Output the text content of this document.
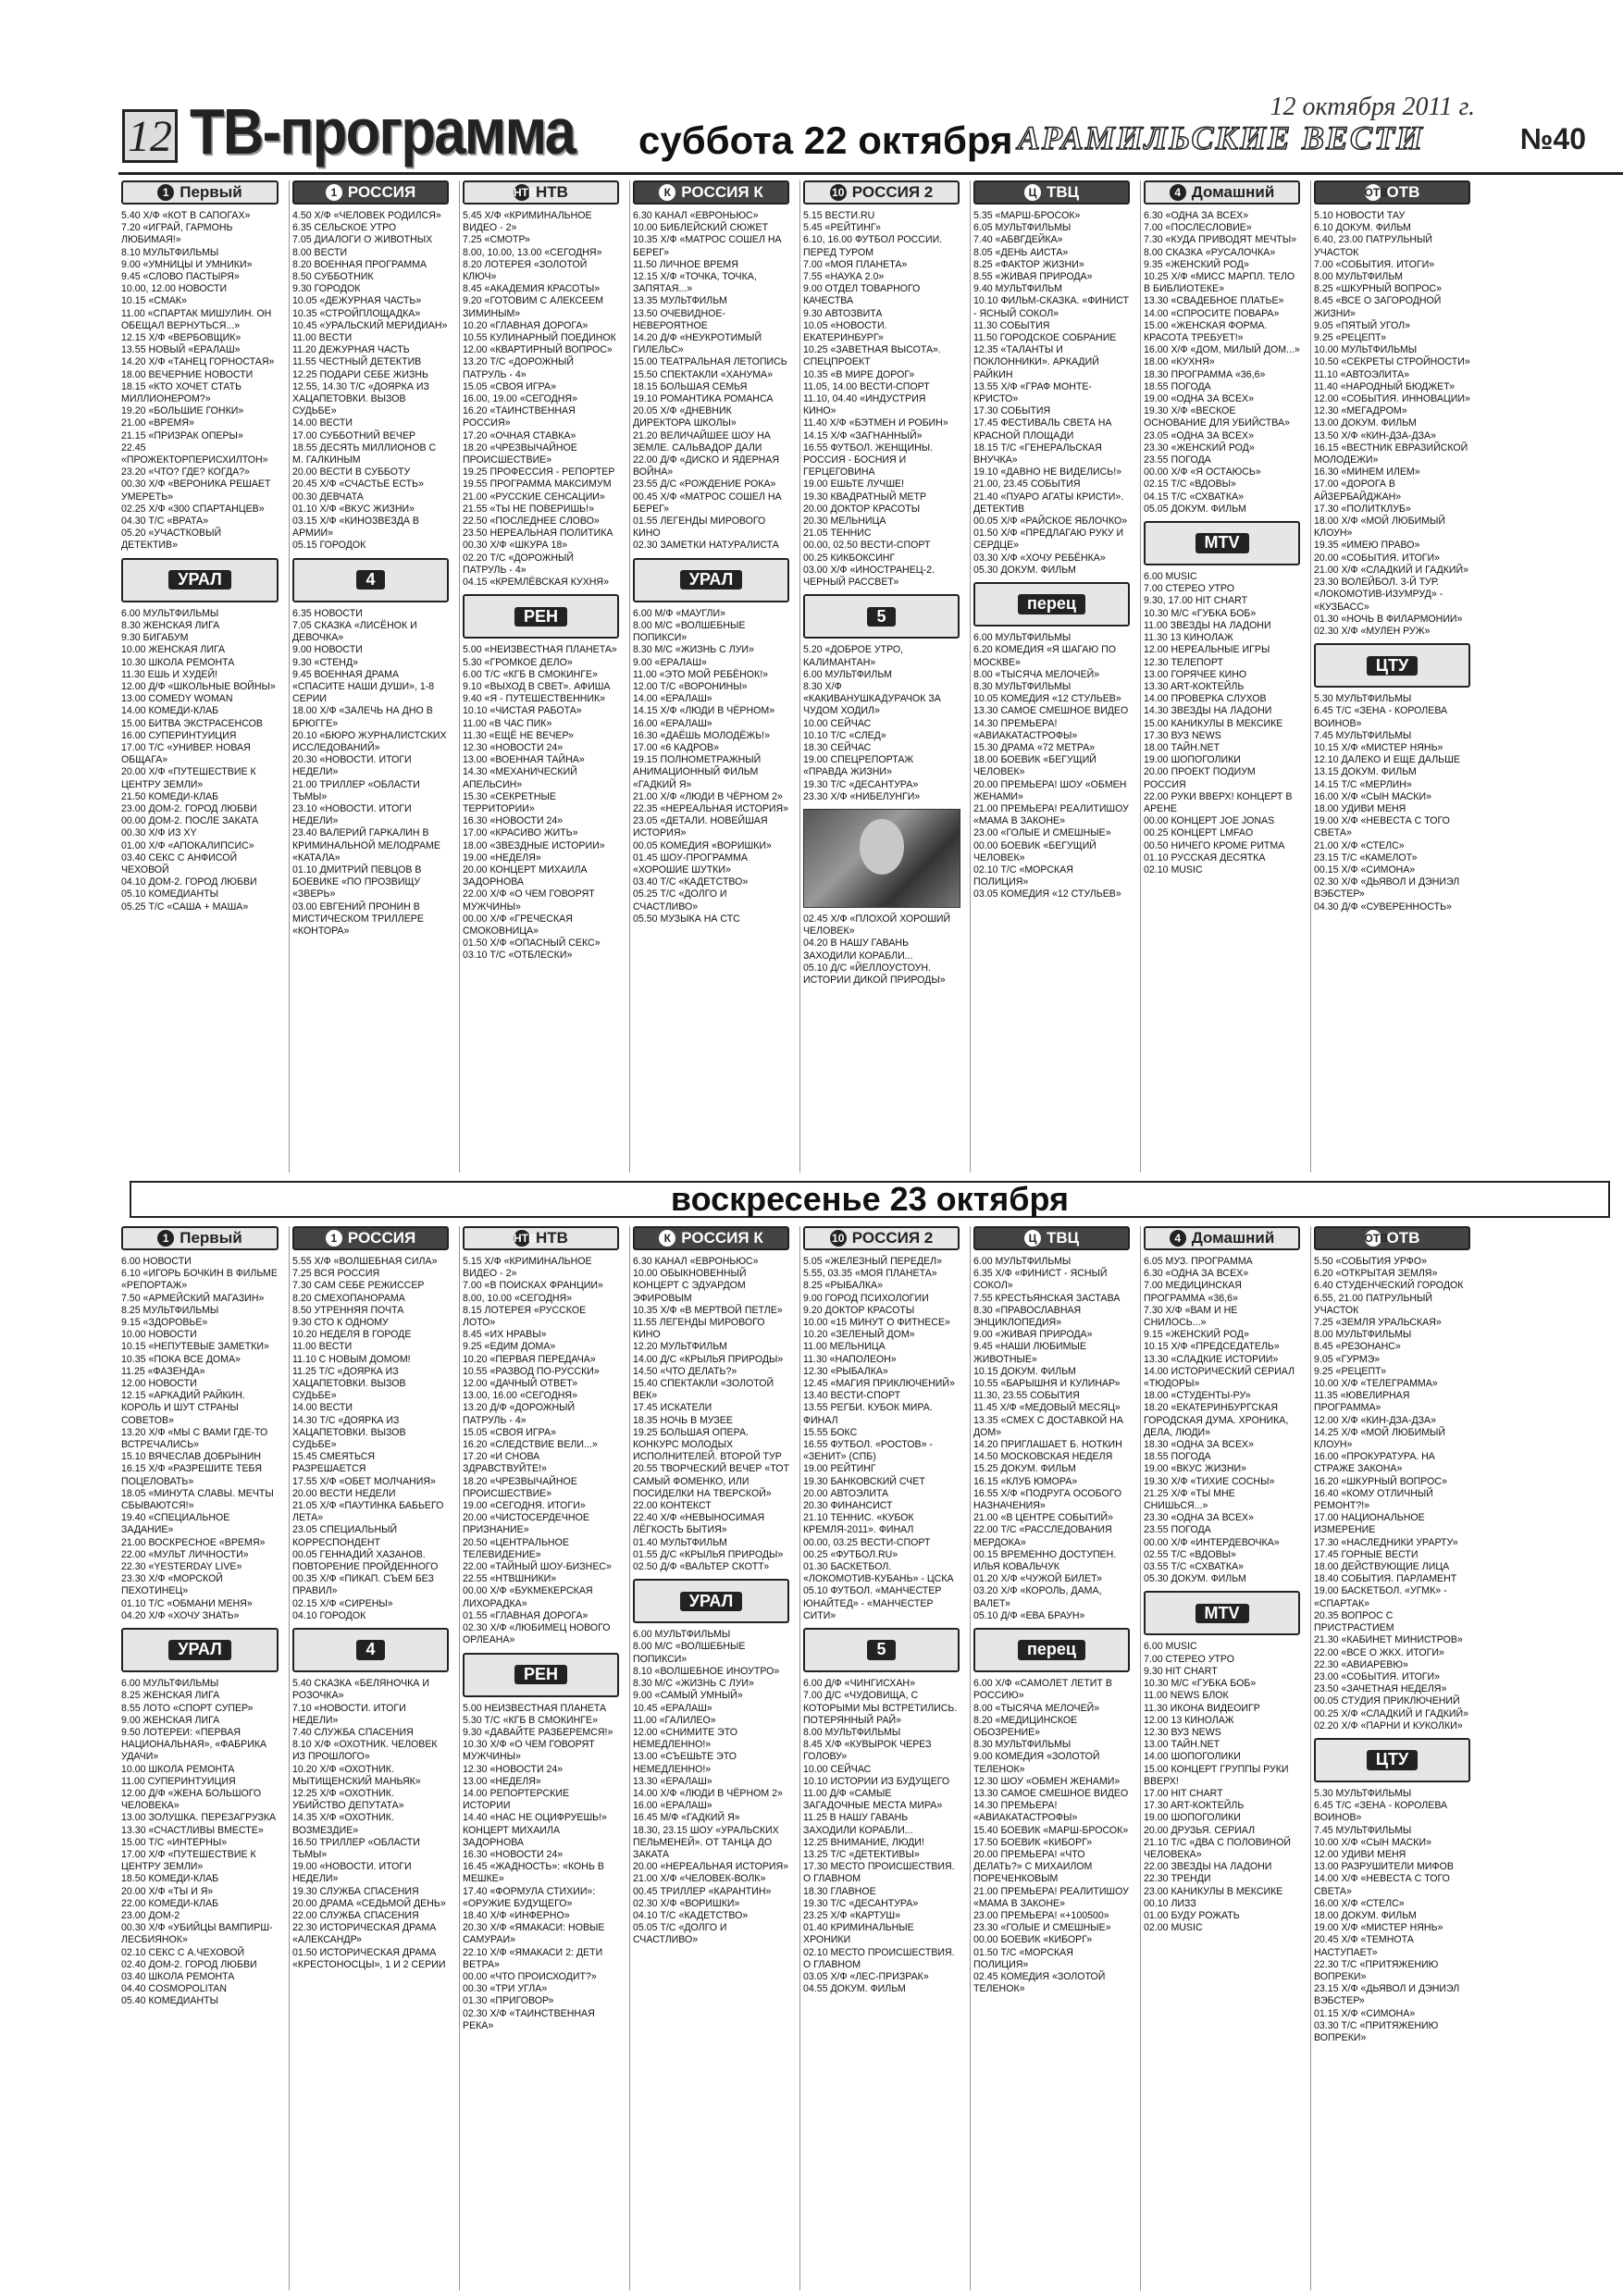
12 ТВ-программа суббота 22 октября
12 октября 2011 г.
АРАМИЛЬСКИЕ ВЕСТИ	№40
1 Первый
5.40 Х/Ф «КОТ В САПОГАХ»
7.20 «ИГРАЙ, ГАРМОНЬ ЛЮБИМАЯ!»
8.10 МУЛЬТФИЛЬМЫ
9.00 «УМНИЦЫ И УМНИКИ»
9.45 «СЛОВО ПАСТЫРЯ»
10.00, 12.00 НОВОСТИ
10.15 «СМАК»
11.00 «СПАРТАК МИШУЛИН. ОН ОБЕЩАЛ ВЕРНУТЬСЯ...»
12.15 Х/Ф «ВЕРБОВЩИК»
13.55 НОВЫЙ «ЕРАЛАШ»
14.20 Х/Ф «ТАНЕЦ ГОРНОСТАЯ»
18.00 ВЕЧЕРНИЕ НОВОСТИ
18.15 «КТО ХОЧЕТ СТАТЬ МИЛЛИОНЕРОМ?»
19.20 «БОЛЬШИЕ ГОНКИ»
21.00 «ВРЕМЯ»
21.15 «ПРИЗРАК ОПЕРЫ»
22.45 «ПРОЖЕКТОРПЕРИСХИЛТОН»
23.20 «ЧТО? ГДЕ? КОГДА?»
00.30 Х/Ф «ВЕРОНИКА РЕШАЕТ УМЕРЕТЬ»
02.25 Х/Ф «300 СПАРТАНЦЕВ»
04.30 Т/С «ВРАТА»
05.20 «УЧАСТКОВЫЙ ДЕТЕКТИВ»
УРАЛ
6.00 МУЛЬТФИЛЬМЫ
8.30 ЖЕНСКАЯ ЛИГА
9.30 БИГАБУМ
10.00 ЖЕНСКАЯ ЛИГА
10.30 ШКОЛА РЕМОНТА
11.30 ЕШЬ И ХУДЕЙ!
12.00 Д/Ф «ШКОЛЬНЫЕ ВОЙНЫ»
13.00 COMEDY WOMAN
14.00 КОМЕДИ-КЛАБ
15.00 БИТВА ЭКСТРАСЕНСОВ
16.00 СУПЕРИНТУИЦИЯ
17.00 Т/С «УНИВЕР. НОВАЯ ОБЩАГА»
20.00 Х/Ф «ПУТЕШЕСТВИЕ К ЦЕНТРУ ЗЕМЛИ»
21.50 КОМЕДИ-КЛАБ
23.00 ДОМ-2. ГОРОД ЛЮБВИ
00.00 ДОМ-2. ПОСЛЕ ЗАКАТА
00.30 Х/Ф ИЗ XY
01.00 Х/Ф «АПОКАЛИПСИС»
03.40 СЕКС С АНФИСОЙ ЧЕХОВОЙ
04.10 ДОМ-2. ГОРОД ЛЮБВИ
05.10 КОМЕДИАНТЫ
05.25 Т/С «САША + МАША»
1 РОССИЯ
4.50 Х/Ф «ЧЕЛОВЕК РОДИЛСЯ»
6.35 СЕЛЬСКОЕ УТРО
7.05 ДИАЛОГИ О ЖИВОТНЫХ
8.00 ВЕСТИ
8.20 ВОЕННАЯ ПРОГРАММА
8.50 СУББОТНИК
9.30 ГОРОДОК
10.05 «ДЕЖУРНАЯ ЧАСТЬ»
10.35 «СТРОЙПЛОЩАДКА»
10.45 «УРАЛЬСКИЙ МЕРИДИАН»
11.00 ВЕСТИ
11.20 ДЕЖУРНАЯ ЧАСТЬ
11.55 ЧЕСТНЫЙ ДЕТЕКТИВ
12.25 ПОДАРИ СЕБЕ ЖИЗНЬ
12.55, 14.30 Т/С «ДОЯРКА ИЗ ХАЦАПЕТОВКИ. ВЫЗОВ СУДЬБЕ»
14.00 ВЕСТИ
17.00 СУББОТНИЙ ВЕЧЕР
18.55 ДЕСЯТЬ МИЛЛИОНОВ С М. ГАЛКИНЫМ
20.00 ВЕСТИ В СУББОТУ
20.45 Х/Ф «СЧАСТЬЕ ЕСТЬ»
00.30 ДЕВЧАТА
01.10 Х/Ф «ВКУС ЖИЗНИ»
03.15 Х/Ф «КИНОЗВЕЗДА В АРМИИ»
05.15 ГОРОДОК
4
6.35 НОВОСТИ
7.05 СКАЗКА «ЛИСЁНОК И ДЕВОЧКА»
9.00 НОВОСТИ
9.30 «СТЕНД»
9.45 ВОЕННАЯ ДРАМА «СПАСИТЕ НАШИ ДУШИ», 1-8 СЕРИИ
18.00 Х/Ф «ЗАЛЕЧЬ НА ДНО В БРЮГГЕ»
20.10 «БЮРО ЖУРНАЛИСТСКИХ ИССЛЕДОВАНИЙ»
20.30 «НОВОСТИ. ИТОГИ НЕДЕЛИ»
21.00 ТРИЛЛЕР «ОБЛАСТИ ТЬМЫ»
23.10 «НОВОСТИ. ИТОГИ НЕДЕЛИ»
23.40 ВАЛЕРИЙ ГАРКАЛИН В КРИМИНАЛЬНОЙ МЕЛОДРАМЕ «КАТАЛА»
01.10 ДМИТРИЙ ПЕВЦОВ В БОЕВИКЕ «ПО ПРОЗВИЩУ «ЗВЕРЬ»
03.00 ЕВГЕНИЙ ПРОНИН В МИСТИЧЕСКОМ ТРИЛЛЕРЕ «КОНТОРА»
НТВ НТВ
5.45 Х/Ф «КРИМИНАЛЬНОЕ ВИДЕО - 2»
7.25 «СМОТР»
8.00, 10.00, 13.00 «СЕГОДНЯ»
8.20 ЛОТЕРЕЯ «ЗОЛОТОЙ КЛЮЧ»
8.45 «АКАДЕМИЯ КРАСОТЫ»
9.20 «ГОТОВИМ С АЛЕКСЕЕМ ЗИМИНЫМ»
10.20 «ГЛАВНАЯ ДОРОГА»
10.55 КУЛИНАРНЫЙ ПОЕДИНОК
12.00 «КВАРТИРНЫЙ ВОПРОС»
13.20 Т/С «ДОРОЖНЫЙ ПАТРУЛЬ - 4»
15.05 «СВОЯ ИГРА»
16.00, 19.00 «СЕГОДНЯ»
16.20 «ТАИНСТВЕННАЯ РОССИЯ»
17.20 «ОЧНАЯ СТАВКА»
18.20 «ЧРЕЗВЫЧАЙНОЕ ПРОИСШЕСТВИЕ»
19.25 ПРОФЕССИЯ - РЕПОРТЕР
19.55 ПРОГРАММА МАКСИМУМ
21.00 «РУССКИЕ СЕНСАЦИИ»
21.55 «ТЫ НЕ ПОВЕРИШЬ!»
22.50 «ПОСЛЕДНЕЕ СЛОВО»
23.50 НЕРЕАЛЬНАЯ ПОЛИТИКА
00.30 Х/Ф «ШКУРА 18»
02.20 Т/С «ДОРОЖНЫЙ ПАТРУЛЬ - 4»
04.15 «КРЕМЛЁВСКАЯ КУХНЯ»
РЕН
5.00 «НЕИЗВЕСТНАЯ ПЛАНЕТА»
5.30 «ГРОМКОЕ ДЕЛО»
6.00 Т/С «КГБ В СМОКИНГЕ»
9.10 «ВЫХОД В СВЕТ». АФИША
9.40 «Я - ПУТЕШЕСТВЕННИК»
10.10 «ЧИСТАЯ РАБОТА»
11.00 «В ЧАС ПИК»
11.30 «ЕЩЁ НЕ ВЕЧЕР»
12.30 «НОВОСТИ 24»
13.00 «ВОЕННАЯ ТАЙНА»
14.30 «МЕХАНИЧЕСКИЙ АПЕЛЬСИН»
15.30 «СЕКРЕТНЫЕ ТЕРРИТОРИИ»
16.30 «НОВОСТИ 24»
17.00 «КРАСИВО ЖИТЬ»
18.00 «ЗВЕЗДНЫЕ ИСТОРИИ»
19.00 «НЕДЕЛЯ»
20.00 КОНЦЕРТ МИХАИЛА ЗАДОРНОВА
22.00 Х/Ф «О ЧЕМ ГОВОРЯТ МУЖЧИНЫ»
00.00 Х/Ф «ГРЕЧЕСКАЯ СМОКОВНИЦА»
01.50 Х/Ф «ОПАСНЫЙ СЕКС»
03.10 Т/С «ОТБЛЕСКИ»
К РОССИЯ К
6.30 КАНАЛ «ЕВРОНЬЮС»
10.00 БИБЛЕЙСКИЙ СЮЖЕТ
10.35 Х/Ф «МАТРОС СОШЕЛ НА БЕРЕГ»
11.50 ЛИЧНОЕ ВРЕМЯ
12.15 Х/Ф «ТОЧКА, ТОЧКА, ЗАПЯТАЯ...»
13.35 МУЛЬТФИЛЬМ
13.50 ОЧЕВИДНОЕ-НЕВЕРОЯТНОЕ
14.20 Д/Ф «НЕУКРОТИМЫЙ ГИЛЕЛЬС»
15.00 ТЕАТРАЛЬНАЯ ЛЕТОПИСЬ
15.50 СПЕКТАКЛИ «ХАНУМА»
18.15 БОЛЬШАЯ СЕМЬЯ
19.10 РОМАНТИКА РОМАНСА
20.05 Х/Ф «ДНЕВНИК ДИРЕКТОРА ШКОЛЫ»
21.20 ВЕЛИЧАЙШЕЕ ШОУ НА ЗЕМЛЕ. САЛЬВАДОР ДАЛИ
22.00 Д/Ф «ДИСКО И ЯДЕРНАЯ ВОЙНА»
23.55 Д/С «РОЖДЕНИЕ РОКА»
00.45 Х/Ф «МАТРОС СОШЕЛ НА БЕРЕГ»
01.55 ЛЕГЕНДЫ МИРОВОГО КИНО
02.30 ЗАМЕТКИ НАТУРАЛИСТА
УРАЛ
6.00 М/Ф «МАУГЛИ»
8.00 М/С «ВОЛШЕБНЫЕ ПОПИКСИ»
8.30 М/С «ЖИЗНЬ С ЛУИ»
9.00 «ЕРАЛАШ»
11.00 «ЭТО МОЙ РЕБЁНОК!»
12.00 Т/С «ВОРОНИНЫ»
14.00 «ЕРАЛАШ»
14.15 Х/Ф «ЛЮДИ В ЧЁРНОМ»
16.00 «ЕРАЛАШ»
16.30 «ДАЁШЬ МОЛОДЁЖЬ!»
17.00 «6 КАДРОВ»
19.15 ПОЛНОМЕТРАЖНЫЙ АНИМАЦИОННЫЙ ФИЛЬМ «ГАДКИЙ Я»
21.00 Х/Ф «ЛЮДИ В ЧЁРНОМ 2»
22.35 «НЕРЕАЛЬНАЯ ИСТОРИЯ»
23.05 «ДЕТАЛИ. НОВЕЙШАЯ ИСТОРИЯ»
00.05 КОМЕДИЯ «ВОРИШКИ»
01.45 ШОУ-ПРОГРАММА «ХОРОШИЕ ШУТКИ»
03.40 Т/С «КАДЕТСТВО»
05.25 Т/С «ДОЛГО И СЧАСТЛИВО»
05.50 МУЗЫКА НА СТС
10 РОССИЯ 2
5.15 ВЕСТИ.RU
5.45 «РЕЙТИНГ»
6.10, 16.00 ФУТБОЛ РОССИИ. ПЕРЕД ТУРОМ
7.00 «МОЯ ПЛАНЕТА»
7.55 «НАУКА 2.0»
9.00 ОТДЕЛ ТОВАРНОГО КАЧЕСТВА
9.30 АВТОЗВИТА
10.05 «НОВОСТИ. ЕКАТЕРИНБУРГ»
10.25 «ЗАВЕТНАЯ ВЫСОТА». СПЕЦПРОЕКТ
10.35 «В МИРЕ ДОРОГ»
11.05, 14.00 ВЕСТИ-СПОРТ
11.10, 04.40 «ИНДУСТРИЯ КИНО»
11.40 Х/Ф «БЭТМЕН И РОБИН»
14.15 Х/Ф «ЗАГНАННЫЙ»
16.55 ФУТБОЛ. ЖЕНЩИНЫ. РОССИЯ - БОСНИЯ И ГЕРЦЕГОВИНА
19.00 ЕШЬТЕ ЛУЧШЕ!
19.30 КВАДРАТНЫЙ МЕТР
20.00 ДОКТОР КРАСОТЫ
20.30 МЕЛЬНИЦА
21.05 ТЕННИС
00.00, 02.50 ВЕСТИ-СПОРТ
00.25 КИКБОКСИНГ
03.00 Х/Ф «ИНОСТРАНЕЦ-2. ЧЕРНЫЙ РАССВЕТ»
5
5.20 «ДОБРОЕ УТРО, КАЛИМАНТАН»
6.00 МУЛЬТФИЛЬМ
8.30 Х/Ф «КАКИВАНУШКАДУРАЧОК ЗА ЧУДОМ ХОДИЛ»
10.00 СЕЙЧАС
10.10 Т/С «СЛЕД»
18.30 СЕЙЧАС
19.00 СПЕЦРЕПОРТАЖ «ПРАВДА ЖИЗНИ»
19.30 Т/С «ДЕСАНТУРА»
23.30 Х/Ф «НИБЕЛУНГИ»
02.45 Х/Ф «ПЛОХОЙ ХОРОШИЙ ЧЕЛОВЕК»
04.20 В НАШУ ГАВАНЬ ЗАХОДИЛИ КОРАБЛИ...
05.10 Д/С «ЙЕЛЛОУСТОУН. ИСТОРИИ ДИКОЙ ПРИРОДЫ»
Ц ТВЦ
5.35 «МАРШ-БРОСОК»
6.05 МУЛЬТФИЛЬМЫ
7.40 «АБВГДЕЙКА»
8.05 «ДЕНЬ АИСТА»
8.25 «ФАКТОР ЖИЗНИ»
8.55 «ЖИВАЯ ПРИРОДА»
9.40 МУЛЬТФИЛЬМ
10.10 ФИЛЬМ-СКАЗКА. «ФИНИСТ - ЯСНЫЙ СОКОЛ»
11.30 СОБЫТИЯ
11.50 ГОРОДСКОЕ СОБРАНИЕ
12.35 «ТАЛАНТЫ И ПОКЛОННИКИ». АРКАДИЙ РАЙКИН
13.55 Х/Ф «ГРАФ МОНТЕ-КРИСТО»
17.30 СОБЫТИЯ
17.45 ФЕСТИВАЛЬ СВЕТА НА КРАСНОЙ ПЛОЩАДИ
18.15 Т/С «ГЕНЕРАЛЬСКАЯ ВНУЧКА»
19.10 «ДАВНО НЕ ВИДЕЛИСЬ!»
21.00, 23.45 СОБЫТИЯ
21.40 «ПУАРО АГАТЫ КРИСТИ». ДЕТЕКТИВ
00.05 Х/Ф «РАЙСКОЕ ЯБЛОЧКО»
01.50 Х/Ф «ПРЕДЛАГАЮ РУКУ И СЕРДЦЕ»
03.30 Х/Ф «ХОЧУ РЕБЁНКА»
05.30 ДОКУМ. ФИЛЬМ
перец
6.00 МУЛЬТФИЛЬМЫ
6.20 КОМЕДИЯ «Я ШАГАЮ ПО МОСКВЕ»
8.00 «ТЫСЯЧА МЕЛОЧЕЙ»
8.30 МУЛЬТФИЛЬМЫ
10.05 КОМЕДИЯ «12 СТУЛЬЕВ»
13.30 САМОЕ СМЕШНОЕ ВИДЕО
14.30 ПРЕМЬЕРА! «АВИАКАТАСТРОФЫ»
15.30 ДРАМА «72 МЕТРА»
18.00 БОЕВИК «БЕГУЩИЙ ЧЕЛОВЕК»
20.00 ПРЕМЬЕРА! ШОУ «ОБМЕН ЖЕНАМИ»
21.00 ПРЕМЬЕРА! РЕАЛИТИШОУ «МАМА В ЗАКОНЕ»
23.00 «ГОЛЫЕ И СМЕШНЫЕ»
00.00 БОЕВИК «БЕГУЩИЙ ЧЕЛОВЕК»
02.10 Т/С «МОРСКАЯ ПОЛИЦИЯ»
03.05 КОМЕДИЯ «12 СТУЛЬЕВ»
4 Домашний
6.30 «ОДНА ЗА ВСЕХ»
7.00 «ПОСЛЕСЛОВИЕ»
7.30 «КУДА ПРИВОДЯТ МЕЧТЫ»
8.00 СКАЗКА «РУСАЛОЧКА»
9.35 «ЖЕНСКИЙ РОД»
10.25 Х/Ф «МИСС МАРПЛ. ТЕЛО В БИБЛИОТЕКЕ»
13.30 «СВАДЕБНОЕ ПЛАТЬЕ»
14.00 «СПРОСИТЕ ПОВАРА»
15.00 «ЖЕНСКАЯ ФОРМА. КРАСОТА ТРЕБУЕТ!»
16.00 Х/Ф «ДОМ, МИЛЫЙ ДОМ...»
18.00 «КУХНЯ»
18.30 ПРОГРАММА «36,6»
18.55 ПОГОДА
19.00 «ОДНА ЗА ВСЕХ»
19.30 Х/Ф «ВЕСКОЕ ОСНОВАНИЕ ДЛЯ УБИЙСТВА»
23.05 «ОДНА ЗА ВСЕХ»
23.30 «ЖЕНСКИЙ РОД»
23.55 ПОГОДА
00.00 Х/Ф «Я ОСТАЮСЬ»
02.15 Т/С «ВДОВЫ»
04.15 Т/С «СХВАТКА»
05.05 ДОКУМ. ФИЛЬМ
MTV
6.00 MUSIC
7.00 СТЕРЕО УТРО
9.30, 17.00 HIT CHART
10.30 М/С «ГУБКА БОБ»
11.00 ЗВЕЗДЫ НА ЛАДОНИ
11.30 13 КИНОЛАЖ
12.00 НЕРЕАЛЬНЫЕ ИГРЫ
12.30 ТЕЛЕПОРТ
13.00 ГОРЯЧЕЕ КИНО
13.30 ART-КОКТЕЙЛЬ
14.00 ПРОВЕРКА СЛУХОВ
14.30 ЗВЕЗДЫ НА ЛАДОНИ
15.00 КАНИКУЛЫ В МЕКСИКЕ
17.30 ВУЗ NEWS
18.00 ТАЙН.NET
19.00 ШОПОГОЛИКИ
20.00 ПРОЕКТ ПОДИУМ РОССИЯ
22.00 РУКИ ВВЕРХ! КОНЦЕРТ В АРЕНЕ
00.00 КОНЦЕРТ JOE JONAS
00.25 КОНЦЕРТ LMFAO
00.50 НИЧЕГО КРОМЕ РИТМА
01.10 РУССКАЯ ДЕСЯТКА
02.10 MUSIC
ОТВ
ОТВ
5.10 НОВОСТИ ТАУ
6.10 ДОКУМ. ФИЛЬМ
6.40, 23.00 ПАТРУЛЬНЫЙ УЧАСТОК
7.00 «СОБЫТИЯ. ИТОГИ»
8.00 МУЛЬТФИЛЬМ
8.25 «ШКУРНЫЙ ВОПРОС»
8.45 «ВСЕ О ЗАГОРОДНОЙ ЖИЗНИ»
9.05 «ПЯТЫЙ УГОЛ»
9.25 «РЕЦЕПТ»
10.00 МУЛЬТФИЛЬМЫ
10.50 «СЕКРЕТЫ СТРОЙНОСТИ»
11.10 «АВТОЭЛИТА»
11.40 «НАРОДНЫЙ БЮДЖЕТ»
12.00 «СОБЫТИЯ. ИННОВАЦИИ»
12.30 «МЕГАДРОМ»
13.00 ДОКУМ. ФИЛЬМ
13.50 Х/Ф «КИН-ДЗА-ДЗА»
16.15 «ВЕСТНИК ЕВРАЗИЙСКОЙ МОЛОДЕЖИ»
16.30 «МИНЕМ ИЛЕМ»
17.00 «ДОРОГА В АЙЗЕРБАЙДЖАН»
17.30 «ПОЛИТКЛУБ»
18.00 Х/Ф «МОЙ ЛЮБИМЫЙ КЛОУН»
19.35 «ИМЕЮ ПРАВО»
20.00 «СОБЫТИЯ. ИТОГИ»
21.00 Х/Ф «СЛАДКИЙ И ГАДКИЙ»
23.30 ВОЛЕЙБОЛ. 3-Й ТУР. «ЛОКОМОТИВ-ИЗУМРУД» - «КУЗБАСС»
01.30 «НОЧЬ В ФИЛАРМОНИИ»
02.30 Х/Ф «МУЛЕН РУЖ»
ЦТУ
5.30 МУЛЬТФИЛЬМЫ
6.45 Т/С «ЗЕНА - КОРОЛЕВА ВОИНОВ»
7.45 МУЛЬТФИЛЬМЫ
10.15 Х/Ф «МИСТЕР НЯНЬ»
12.10 ДАЛЕКО И ЕЩЕ ДАЛЬШЕ
13.15 ДОКУМ. ФИЛЬМ
14.15 Т/С «МЕРЛИН»
16.00 Х/Ф «СЫН МАСКИ»
18.00 УДИВИ МЕНЯ
19.00 Х/Ф «НЕВЕСТА С ТОГО СВЕТА»
21.00 Х/Ф «СТЕЛС»
23.15 Т/С «КАМЕЛОТ»
00.15 Х/Ф «СИМОНА»
02.30 Х/Ф «ДЬЯВОЛ И ДЭНИЭЛ ВЭБСТЕР»
04.30 Д/Ф «СУВЕРЕННОСТЬ»
воскресенье 23 октября
1 Первый
6.00 НОВОСТИ
6.10 «ИГОРЬ БОЧКИН В ФИЛЬМЕ «РЕПОРТАЖ»
7.50 «АРМЕЙСКИЙ МАГАЗИН»
8.25 МУЛЬТФИЛЬМЫ
9.15 «ЗДОРОВЬЕ»
10.00 НОВОСТИ
10.15 «НЕПУТЕВЫЕ ЗАМЕТКИ»
10.35 «ПОКА ВСЕ ДОМА»
11.25 «ФАЗЕНДА»
12.00 НОВОСТИ
12.15 «АРКАДИЙ РАЙКИН. КОРОЛЬ И ШУТ СТРАНЫ СОВЕТОВ»
13.20 Х/Ф «МЫ С ВАМИ ГДЕ-ТО ВСТРЕЧАЛИСЬ»
15.10 ВЯЧЕСЛАВ ДОБРЫНИН
16.15 Х/Ф «РАЗРЕШИТЕ ТЕБЯ ПОЦЕЛОВАТЬ»
18.05 «МИНУТА СЛАВЫ. МЕЧТЫ СБЫВАЮТСЯ!»
19.40 «СПЕЦИАЛЬНОЕ ЗАДАНИЕ»
21.00 ВОСКРЕСНОЕ «ВРЕМЯ»
22.00 «МУЛЬТ ЛИЧНОСТИ»
22.30 «YESTERDAY LIVE»
23.30 Х/Ф «МОРСКОЙ ПЕХОТИНЕЦ»
01.10 Т/С «ОБМАНИ МЕНЯ»
04.20 Х/Ф «ХОЧУ ЗНАТЬ»
УРАЛ
6.00 МУЛЬТФИЛЬМЫ
8.25 ЖЕНСКАЯ ЛИГА
8.55 ЛОТО «СПОРТ СУПЕР»
9.00 ЖЕНСКАЯ ЛИГА
9.50 ЛОТЕРЕИ: «ПЕРВАЯ НАЦИОНАЛЬНАЯ», «ФАБРИКА УДАЧИ»
10.00 ШКОЛА РЕМОНТА
11.00 СУПЕРИНТУИЦИЯ
12.00 Д/Ф «ЖЕНА БОЛЬШОГО ЧЕЛОВЕКА»
13.00 ЗОЛУШКА. ПЕРЕЗАГРУЗКА
13.30 «СЧАСТЛИВЫ ВМЕСТЕ»
15.00 Т/С «ИНТЕРНЫ»
17.00 Х/Ф «ПУТЕШЕСТВИЕ К ЦЕНТРУ ЗЕМЛИ»
18.50 КОМЕДИ-КЛАБ
20.00 Х/Ф «ТЫ И Я»
22.00 КОМЕДИ-КЛАБ
23.00 ДОМ-2
00.30 Х/Ф «УБИЙЦЫ ВАМПИРШ-ЛЕСБИЯНОК»
02.10 СЕКС С А.ЧЕХОВОЙ
02.40 ДОМ-2. ГОРОД ЛЮБВИ
03.40 ШКОЛА РЕМОНТА
04.40 COSMOPOLITAN
05.40 КОМЕДИАНТЫ
1 РОССИЯ
5.55 Х/Ф «ВОЛШЕБНАЯ СИЛА»
7.25 ВСЯ РОССИЯ
7.30 САМ СЕБЕ РЕЖИССЕР
8.20 СМЕХОПАНОРАМА
8.50 УТРЕННЯЯ ПОЧТА
9.30 СТО К ОДНОМУ
10.20 НЕДЕЛЯ В ГОРОДЕ
11.00 ВЕСТИ
11.10 С НОВЫМ ДОМОМ!
11.25 Т/С «ДОЯРКА ИЗ ХАЦАПЕТОВКИ. ВЫЗОВ СУДЬБЕ»
14.00 ВЕСТИ
14.30 Т/С «ДОЯРКА ИЗ ХАЦАПЕТОВКИ. ВЫЗОВ СУДЬБЕ»
15.45 СМЕЯТЬСЯ РАЗРЕШАЕТСЯ
17.55 Х/Ф «ОБЕТ МОЛЧАНИЯ»
20.00 ВЕСТИ НЕДЕЛИ
21.05 Х/Ф «ПАУТИНКА БАБЬЕГО ЛЕТА»
23.05 СПЕЦИАЛЬНЫЙ КОРРЕСПОНДЕНТ
00.05 ГЕННАДИЙ ХАЗАНОВ. ПОВТОРЕНИЕ ПРОЙДЕННОГО
00.35 Х/Ф «ПИКАП. СЪЕМ БЕЗ ПРАВИЛ»
02.15 Х/Ф «СИРЕНЫ»
04.10 ГОРОДОК
4
5.40 СКАЗКА «БЕЛЯНОЧКА И РОЗОЧКА»
7.10 «НОВОСТИ. ИТОГИ НЕДЕЛИ»
7.40 СЛУЖБА СПАСЕНИЯ
8.10 Х/Ф «ОХОТНИК. ЧЕЛОВЕК ИЗ ПРОШЛОГО»
10.20 Х/Ф «ОХОТНИК. МЫТИЩЕНСКИЙ МАНЬЯК»
12.25 Х/Ф «ОХОТНИК. УБИЙСТВО ДЕПУТАТА»
14.35 Х/Ф «ОХОТНИК. ВОЗМЕЗДИЕ»
16.50 ТРИЛЛЕР «ОБЛАСТИ ТЬМЫ»
19.00 «НОВОСТИ. ИТОГИ НЕДЕЛИ»
19.30 СЛУЖБА СПАСЕНИЯ
20.00 ДРАМА «СЕДЬМОЙ ДЕНЬ»
22.00 СЛУЖБА СПАСЕНИЯ
22.30 ИСТОРИЧЕСКАЯ ДРАМА «АЛЕКСАНДР»
01.50 ИСТОРИЧЕСКАЯ ДРАМА «КРЕСТОНОСЦЫ», 1 И 2 СЕРИИ
НТВ НТВ
5.15 Х/Ф «КРИМИНАЛЬНОЕ ВИДЕО - 2»
7.00 «В ПОИСКАХ ФРАНЦИИ»
8.00, 10.00 «СЕГОДНЯ»
8.15 ЛОТЕРЕЯ «РУССКОЕ ЛОТО»
8.45 «ИХ НРАВЫ»
9.25 «ЕДИМ ДОМА»
10.20 «ПЕРВАЯ ПЕРЕДАЧА»
10.55 «РАЗВОД ПО-РУССКИ»
12.00 «ДАЧНЫЙ ОТВЕТ»
13.00, 16.00 «СЕГОДНЯ»
13.20 Д/Ф «ДОРОЖНЫЙ ПАТРУЛЬ - 4»
15.05 «СВОЯ ИГРА»
16.20 «СЛЕДСТВИЕ ВЕЛИ...»
17.20 «И СНОВА ЗДРАВСТВУЙТЕ!»
18.20 «ЧРЕЗВЫЧАЙНОЕ ПРОИСШЕСТВИЕ»
19.00 «СЕГОДНЯ. ИТОГИ»
20.00 «ЧИСТОСЕРДЕЧНОЕ ПРИЗНАНИЕ»
20.50 «ЦЕНТРАЛЬНОЕ ТЕЛЕВИДЕНИЕ»
22.00 «ТАЙНЫЙ ШОУ-БИЗНЕС»
22.55 «НТВШНИКИ»
00.00 Х/Ф «БУКМЕКЕРСКАЯ ЛИХОРАДКА»
01.55 «ГЛАВНАЯ ДОРОГА»
02.30 Х/Ф «ЛЮБИМЕЦ НОВОГО ОРЛЕАНА»
РЕН
5.00 НЕИЗВЕСТНАЯ ПЛАНЕТА
5.30 Т/С «КГБ В СМОКИНГЕ»
9.30 «ДАВАЙТЕ РАЗБЕРЕМСЯ!»
10.30 Х/Ф «О ЧЕМ ГОВОРЯТ МУЖЧИНЫ»
12.30 «НОВОСТИ 24»
13.00 «НЕДЕЛЯ»
14.00 РЕПОРТЕРСКИЕ ИСТОРИИ
14.40 «НАС НЕ ОЦИФРУЕШЬ!» КОНЦЕРТ МИХАИЛА ЗАДОРНОВА
16.30 «НОВОСТИ 24»
16.45 «ЖАДНОСТЬ»: «КОНЬ В МЕШКЕ»
17.40 «ФОРМУЛА СТИХИИ»: «ОРУЖИЕ БУДУЩЕГО»
18.40 Х/Ф «ИНФЕРНО»
20.30 Х/Ф «ЯМАКАСИ: НОВЫЕ САМУРАИ»
22.10 Х/Ф «ЯМАКАСИ 2: ДЕТИ ВЕТРА»
00.00 «ЧТО ПРОИСХОДИТ?»
00.30 «ТРИ УГЛА»
01.30 «ПРИГОВОР»
02.30 Х/Ф «ТАИНСТВЕННАЯ РЕКА»
К РОССИЯ К
6.30 КАНАЛ «ЕВРОНЬЮС»
10.00 ОБЫКНОВЕННЫЙ КОНЦЕРТ С ЭДУАРДОМ ЭФИРОВЫМ
10.35 Х/Ф «В МЕРТВОЙ ПЕТЛЕ»
11.55 ЛЕГЕНДЫ МИРОВОГО КИНО
12.20 МУЛЬТФИЛЬМ
14.00 Д/С «КРЫЛЬЯ ПРИРОДЫ»
14.50 «ЧТО ДЕЛАТЬ?»
15.40 СПЕКТАКЛИ «ЗОЛОТОЙ ВЕК»
17.45 ИСКАТЕЛИ
18.35 НОЧЬ В МУЗЕЕ
19.25 БОЛЬШАЯ ОПЕРА. КОНКУРС МОЛОДЫХ ИСПОЛНИТЕЛЕЙ. ВТОРОЙ ТУР
20.55 ТВОРЧЕСКИЙ ВЕЧЕР «ТОТ САМЫЙ ФОМЕНКО, ИЛИ ПОСИДЕЛКИ НА ТВЕРСКОЙ»
22.00 КОНТЕКСТ
22.40 Х/Ф «НЕВЫНОСИМАЯ ЛЁГКОСТЬ БЫТИЯ»
01.40 МУЛЬТФИЛЬМ
01.55 Д/С «КРЫЛЬЯ ПРИРОДЫ»
02.50 Д/Ф «ВАЛЬТЕР СКОТТ»
УРАЛ
6.00 МУЛЬТФИЛЬМЫ
8.00 М/С «ВОЛШЕБНЫЕ ПОПИКСИ»
8.10 «ВОЛШЕБНОЕ ИНОУТРО»
8.30 М/С «ЖИЗНЬ С ЛУИ»
9.00 «САМЫЙ УМНЫЙ»
10.45 «ЕРАЛАШ»
11.00 «ГАЛИЛЕО»
12.00 «СНИМИТЕ ЭТО НЕМЕДЛЕННО!»
13.00 «СЪЕШЬТЕ ЭТО НЕМЕДЛЕННО!»
13.30 «ЕРАЛАШ»
14.00 Х/Ф «ЛЮДИ В ЧЁРНОМ 2»
16.00 «ЕРАЛАШ»
16.45 М/Ф «ГАДКИЙ Я»
18.30, 23.15 ШОУ «УРАЛЬСКИХ ПЕЛЬМЕНЕЙ». ОТ ТАНЦА ДО ЗАКАТА
20.00 «НЕРЕАЛЬНАЯ ИСТОРИЯ»
21.00 Х/Ф «ЧЕЛОВЕК-ВОЛК»
00.45 ТРИЛЛЕР «КАРАНТИН»
02.30 Х/Ф «ВОРИШКИ»
04.10 Т/С «КАДЕТСТВО»
05.05 Т/С «ДОЛГО И СЧАСТЛИВО»
10 РОССИЯ 2
5.05 «ЖЕЛЕЗНЫЙ ПЕРЕДЕЛ»
5.55, 03.35 «МОЯ ПЛАНЕТА»
8.25 «РЫБАЛКА»
9.00 ГОРОД ПСИХОЛОГИИ
9.20 ДОКТОР КРАСОТЫ
10.00 «15 МИНУТ О ФИТНЕСЕ»
10.20 «ЗЕЛЕНЫЙ ДОМ»
11.00 МЕЛЬНИЦА
11.30 «НАПОЛЕОН»
12.30 «РЫБАЛКА»
12.45 «МАГИЯ ПРИКЛЮЧЕНИЙ»
13.40 ВЕСТИ-СПОРТ
13.55 РЕГБИ. КУБОК МИРА. ФИНАЛ
15.55 БОКС
16.55 ФУТБОЛ. «РОСТОВ» - «ЗЕНИТ» (СПБ)
19.00 РЕЙТИНГ
19.30 БАНКОВСКИЙ СЧЕТ
20.00 АВТОЭЛИТА
20.30 ФИНАНСИСТ
21.10 ТЕННИС. «КУБОК КРЕМЛЯ-2011». ФИНАЛ
00.00, 03.25 ВЕСТИ-СПОРТ
00.25 «ФУТБОЛ.RU»
01.30 БАСКЕТБОЛ. «ЛОКОМОТИВ-КУБАНЬ» - ЦСКА
05.10 ФУТБОЛ. «МАНЧЕСТЕР ЮНАЙТЕД» - «МАНЧЕСТЕР СИТИ»
5
6.00 Д/Ф «ЧИНГИСХАН»
7.00 Д/С «ЧУДОВИЩА, С КОТОРЫМИ МЫ ВСТРЕТИЛИСЬ. ПОТЕРЯННЫЙ РАЙ»
8.00 МУЛЬТФИЛЬМЫ
8.45 Х/Ф «КУВЫРОК ЧЕРЕЗ ГОЛОВУ»
10.00 СЕЙЧАС
10.10 ИСТОРИИ ИЗ БУДУЩЕГО
11.00 Д/Ф «САМЫЕ ЗАГАДОЧНЫЕ МЕСТА МИРА»
11.25 В НАШУ ГАВАНЬ ЗАХОДИЛИ КОРАБЛИ...
12.25 ВНИМАНИЕ, ЛЮДИ!
13.25 Т/С «ДЕТЕКТИВЫ»
17.30 МЕСТО ПРОИСШЕСТВИЯ. О ГЛАВНОМ
18.30 ГЛАВНОЕ
19.30 Т/С «ДЕСАНТУРА»
23.25 Х/Ф «КАРТУШ»
01.40 КРИМИНАЛЬНЫЕ ХРОНИКИ
02.10 МЕСТО ПРОИСШЕСТВИЯ. О ГЛАВНОМ
03.05 Х/Ф «ЛЕС-ПРИЗРАК»
04.55 ДОКУМ. ФИЛЬМ
Ц ТВЦ
6.00 МУЛЬТФИЛЬМЫ
6.35 Х/Ф «ФИНИСТ - ЯСНЫЙ СОКОЛ»
7.55 КРЕСТЬЯНСКАЯ ЗАСТАВА
8.30 «ПРАВОСЛАВНАЯ ЭНЦИКЛОПЕДИЯ»
9.00 «ЖИВАЯ ПРИРОДА»
9.45 «НАШИ ЛЮБИМЫЕ ЖИВОТНЫЕ»
10.15 ДОКУМ. ФИЛЬМ
10.55 «БАРЫШНЯ И КУЛИНАР»
11.30, 23.55 СОБЫТИЯ
11.45 Х/Ф «МЕДОВЫЙ МЕСЯЦ»
13.35 «СМЕХ С ДОСТАВКОЙ НА ДОМ»
14.20 ПРИГЛАШАЕТ Б. НОТКИН
14.50 МОСКОВСКАЯ НЕДЕЛЯ
15.25 ДОКУМ. ФИЛЬМ
16.15 «КЛУБ ЮМОРА»
16.55 Х/Ф «ПОДРУГА ОСОБОГО НАЗНАЧЕНИЯ»
21.00 «В ЦЕНТРЕ СОБЫТИЙ»
22.00 Т/С «РАССЛЕДОВАНИЯ МЕРДОКА»
00.15 ВРЕМЕННО ДОСТУПЕН. ИЛЬЯ КОВАЛЬЧУК
01.20 Х/Ф «ЧУЖОЙ БИЛЕТ»
03.20 Х/Ф «КОРОЛЬ, ДАМА, ВАЛЕТ»
05.10 Д/Ф «ЕВА БРАУН»
перец
6.00 Х/Ф «САМОЛЕТ ЛЕТИТ В РОССИЮ»
8.00 «ТЫСЯЧА МЕЛОЧЕЙ»
8.20 «МЕДИЦИНСКОЕ ОБОЗРЕНИЕ»
8.30 МУЛЬТФИЛЬМЫ
9.00 КОМЕДИЯ «ЗОЛОТОЙ ТЕЛЕНОК»
12.30 ШОУ «ОБМЕН ЖЕНАМИ»
13.30 САМОЕ СМЕШНОЕ ВИДЕО
14.30 ПРЕМЬЕРА! «АВИАКАТАСТРОФЫ»
15.40 БОЕВИК «МАРШ-БРОСОК»
17.50 БОЕВИК «КИБОРГ»
20.00 ПРЕМЬЕРА! «ЧТО ДЕЛАТЬ?» С МИХАИЛОМ ПОРЕЧЕНКОВЫМ
21.00 ПРЕМЬЕРА! РЕАЛИТИШОУ «МАМА В ЗАКОНЕ»
23.00 ПРЕМЬЕРА! «+100500»
23.30 «ГОЛЫЕ И СМЕШНЫЕ»
00.00 БОЕВИК «КИБОРГ»
01.50 Т/С «МОРСКАЯ ПОЛИЦИЯ»
02.45 КОМЕДИЯ «ЗОЛОТОЙ ТЕЛЕНОК»
4 Домашний
6.05 МУЗ. ПРОГРАММА
6.30 «ОДНА ЗА ВСЕХ»
7.00 МЕДИЦИНСКАЯ ПРОГРАММА «36,6»
7.30 Х/Ф «ВАМ И НЕ СНИЛОСЬ...»
9.15 «ЖЕНСКИЙ РОД»
10.15 Х/Ф «ПРЕДСЕДАТЕЛЬ»
13.30 «СЛАДКИЕ ИСТОРИИ»
14.00 ИСТОРИЧЕСКИЙ СЕРИАЛ «ТЮДОРЫ»
18.00 «СТУДЕНТЫ-РУ»
18.20 «ЕКАТЕРИНБУРГСКАЯ ГОРОДСКАЯ ДУМА. ХРОНИКА, ДЕЛА, ЛЮДИ»
18.30 «ОДНА ЗА ВСЕХ»
18.55 ПОГОДА
19.00 «ВКУС ЖИЗНИ»
19.30 Х/Ф «ТИХИЕ СОСНЫ»
21.25 Х/Ф «ТЫ МНЕ СНИШЬСЯ...»
23.30 «ОДНА ЗА ВСЕХ»
23.55 ПОГОДА
00.00 Х/Ф «ИНТЕРДЕВОЧКА»
02.55 Т/С «ВДОВЫ»
03.55 Т/С «СХВАТКА»
05.30 ДОКУМ. ФИЛЬМ
MTV
6.00 MUSIC
7.00 СТЕРЕО УТРО
9.30 HIT CHART
10.30 М/С «ГУБКА БОБ»
11.00 NEWS БЛОК
11.30 ИКОНА ВИДЕОИГР
12.00 13 КИНОЛАЖ
12.30 ВУЗ NEWS
13.00 ТАЙН.NET
14.00 ШОПОГОЛИКИ
15.00 КОНЦЕРТ ГРУППЫ РУКИ ВВЕРХ!
17.00 HIT CHART
17.30 ART-КОКТЕЙЛЬ
19.00 ШОПОГОЛИКИ
20.00 ДРУЗЬЯ. СЕРИАЛ
21.10 Т/С «ДВА С ПОЛОВИНОЙ ЧЕЛОВЕКА»
22.00 ЗВЕЗДЫ НА ЛАДОНИ
22.30 ТРЕНДИ
23.00 КАНИКУЛЫ В МЕКСИКЕ
00.10 ЛИЗЗ
01.00 БУДУ РОЖАТЬ
02.00 MUSIC
ОТВ
ОТВ
5.50 «СОБЫТИЯ УРФО»
6.20 «ОТКРЫТАЯ ЗЕМЛЯ»
6.40 СТУДЕНЧЕСКИЙ ГОРОДОК
6.55, 21.00 ПАТРУЛЬНЫЙ УЧАСТОК
7.25 «ЗЕМЛЯ УРАЛЬСКАЯ»
8.00 МУЛЬТФИЛЬМЫ
8.45 «РЕЗОНАНС»
9.05 «ГУРМЭ»
9.25 «РЕЦЕПТ»
10.00 Х/Ф «ТЕЛЕГРАММА»
11.35 «ЮВЕЛИРНАЯ ПРОГРАММА»
12.00 Х/Ф «КИН-ДЗА-ДЗА»
14.25 Х/Ф «МОЙ ЛЮБИМЫЙ КЛОУН»
16.00 «ПРОКУРАТУРА. НА СТРАЖЕ ЗАКОНА»
16.20 «ШКУРНЫЙ ВОПРОС»
16.40 «КОМУ ОТЛИЧНЫЙ РЕМОНТ?!»
17.00 НАЦИОНАЛЬНОЕ ИЗМЕРЕНИЕ
17.30 «НАСЛЕДНИКИ УРАРТУ»
17.45 ГОРНЫЕ ВЕСТИ
18.00 ДЕЙСТВУЮЩИЕ ЛИЦА
18.40 СОБЫТИЯ. ПАРЛАМЕНТ
19.00 БАСКЕТБОЛ. «УГМК» - «СПАРТАК»
20.35 ВОПРОС С ПРИСТРАСТИЕМ
21.30 «КАБИНЕТ МИНИСТРОВ»
22.00 «ВСЕ О ЖКХ. ИТОГИ»
22.30 «АВИАРЕВЮ»
23.00 «СОБЫТИЯ. ИТОГИ»
23.50 «ЗАЧЕТНАЯ НЕДЕЛЯ»
00.05 СТУДИЯ ПРИКЛЮЧЕНИЙ
00.25 Х/Ф «СЛАДКИЙ И ГАДКИЙ»
02.20 Х/Ф «ПАРНИ И КУКОЛКИ»
ЦТУ
5.30 МУЛЬТФИЛЬМЫ
6.45 Т/С «ЗЕНА - КОРОЛЕВА ВОИНОВ»
7.45 МУЛЬТФИЛЬМЫ
10.00 Х/Ф «СЫН МАСКИ»
12.00 УДИВИ МЕНЯ
13.00 РАЗРУШИТЕЛИ МИФОВ
14.00 Х/Ф «НЕВЕСТА С ТОГО СВЕТА»
16.00 Х/Ф «СТЕЛС»
18.00 ДОКУМ. ФИЛЬМ
19.00 Х/Ф «МИСТЕР НЯНЬ»
20.45 Х/Ф «ТЕМНОТА НАСТУПАЕТ»
22.30 Т/С «ПРИТЯЖЕНИЮ ВОПРЕКИ»
23.15 Х/Ф «ДЬЯВОЛ И ДЭНИЭЛ ВЭБСТЕР»
01.15 Х/Ф «СИМОНА»
03.30 Т/С «ПРИТЯЖЕНИЮ ВОПРЕКИ»
